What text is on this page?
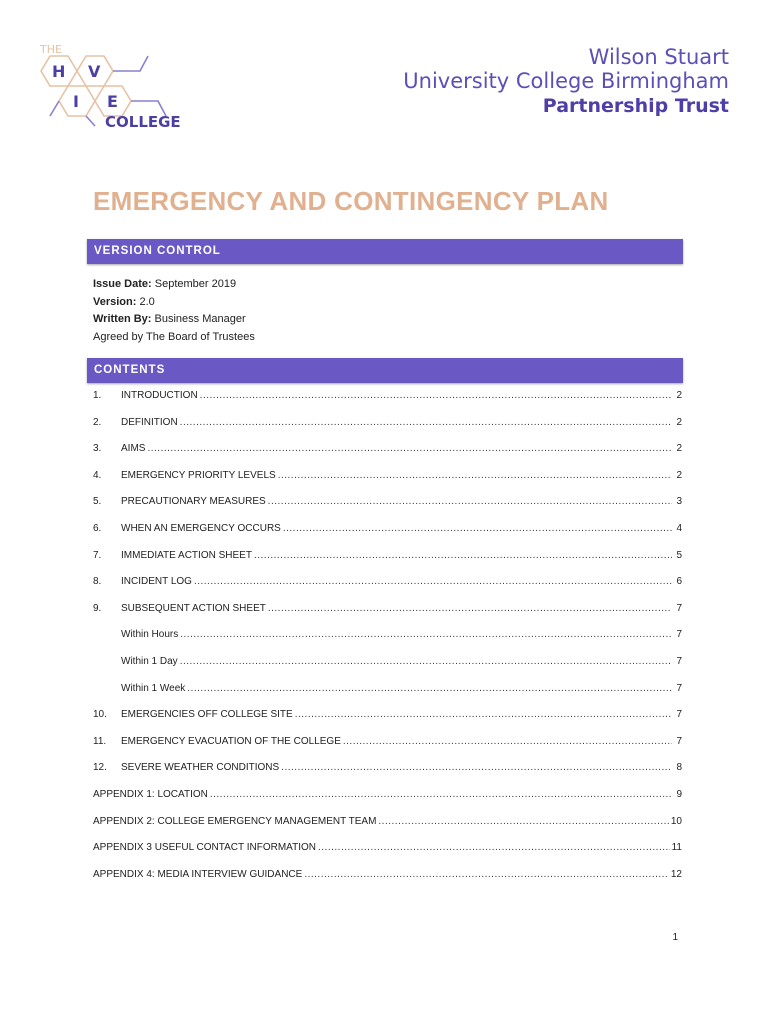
THE
H
I
V
E
COLLEGE
Wilson Stuart
University College Birmingham
Partnership Trust
EMERGENCY AND CONTINGENCY PLAN
VERSION CONTROL
Issue Date: September 2019
Version: 2.0
Written By: Business Manager
Agreed by The Board of Trustees
CONTENTS
1.	INTRODUCTION .....	2
2.	DEFINITION .....	2
3.	AIMS .....	2
4.	EMERGENCY PRIORITY LEVELS .....	2
5.	PRECAUTIONARY MEASURES .....	3
6.	WHEN AN EMERGENCY OCCURS .....	4
7.	IMMEDIATE ACTION SHEET .....	5
8.	INCIDENT LOG .....	6
9.	SUBSEQUENT ACTION SHEET .....	7
Within Hours .....	7
Within 1 Day .....	7
Within 1 Week .....	7
10.	EMERGENCIES OFF COLLEGE SITE .....	7
11.	EMERGENCY EVACUATION OF THE COLLEGE .....	7
12.	SEVERE WEATHER CONDITIONS .....	8
APPENDIX 1: LOCATION .....	9
APPENDIX 2: COLLEGE EMERGENCY MANAGEMENT TEAM .....	10
APPENDIX 3 USEFUL CONTACT INFORMATION .....	11
APPENDIX 4: MEDIA INTERVIEW GUIDANCE .....	12
1
